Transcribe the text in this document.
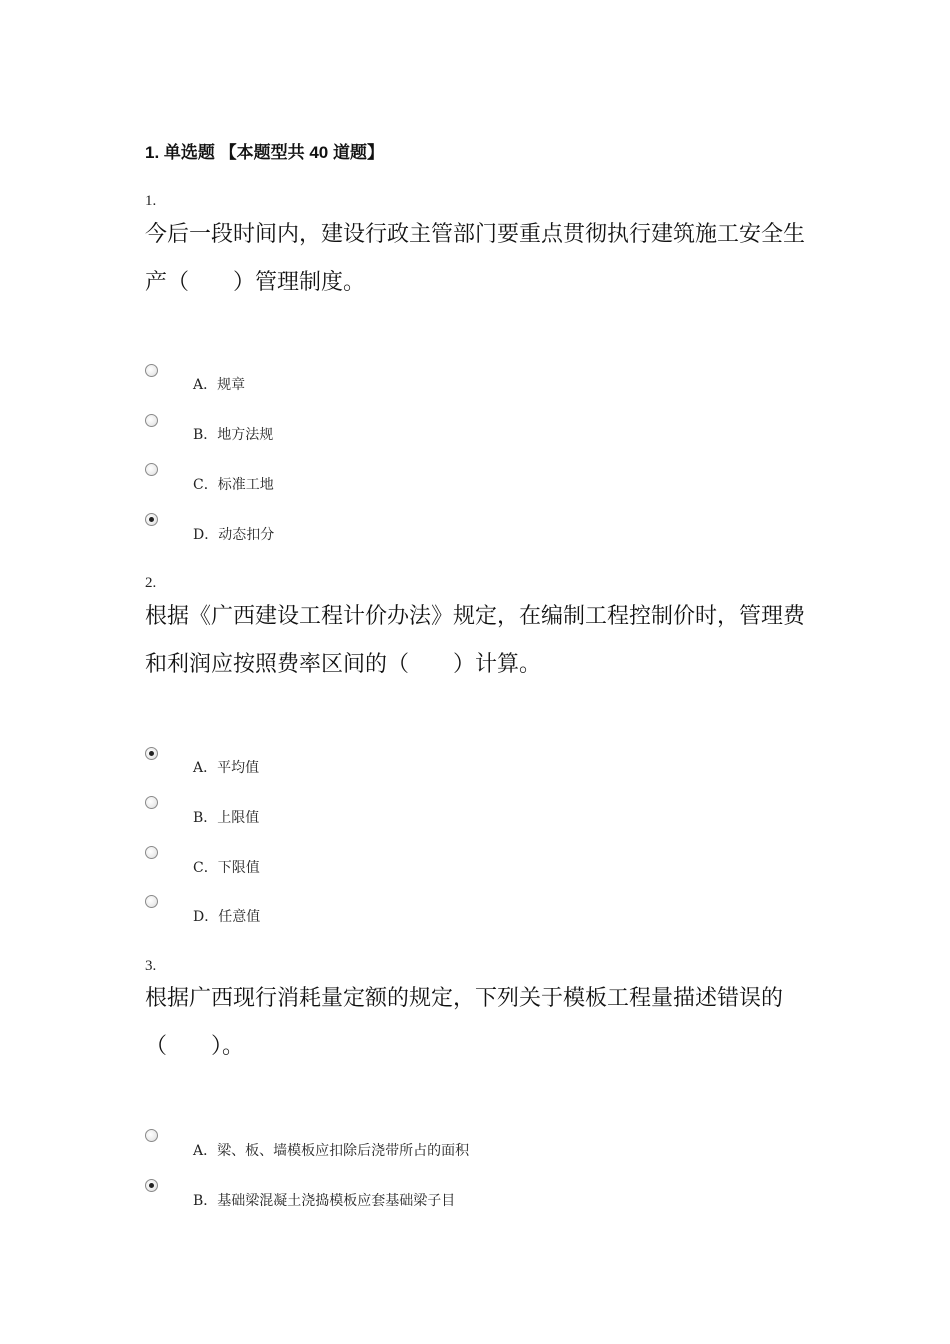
1. 单选题 【本题型共 40 道题】
1.
今后一段时间内，建设行政主管部门要重点贯彻执行建筑施工安全生产（　　）管理制度。
A．规章
B．地方法规
C．标准工地
D．动态扣分
2.
根据《广西建设工程计价办法》规定，在编制工程控制价时，管理费和利润应按照费率区间的（　　）计算。
A．平均值
B．上限值
C．下限值
D．任意值
3.
根据广西现行消耗量定额的规定，下列关于模板工程量描述错误的（　　）。
A．梁、板、墙模板应扣除后浇带所占的面积
B．基础梁混凝土浇捣模板应套基础梁子目
